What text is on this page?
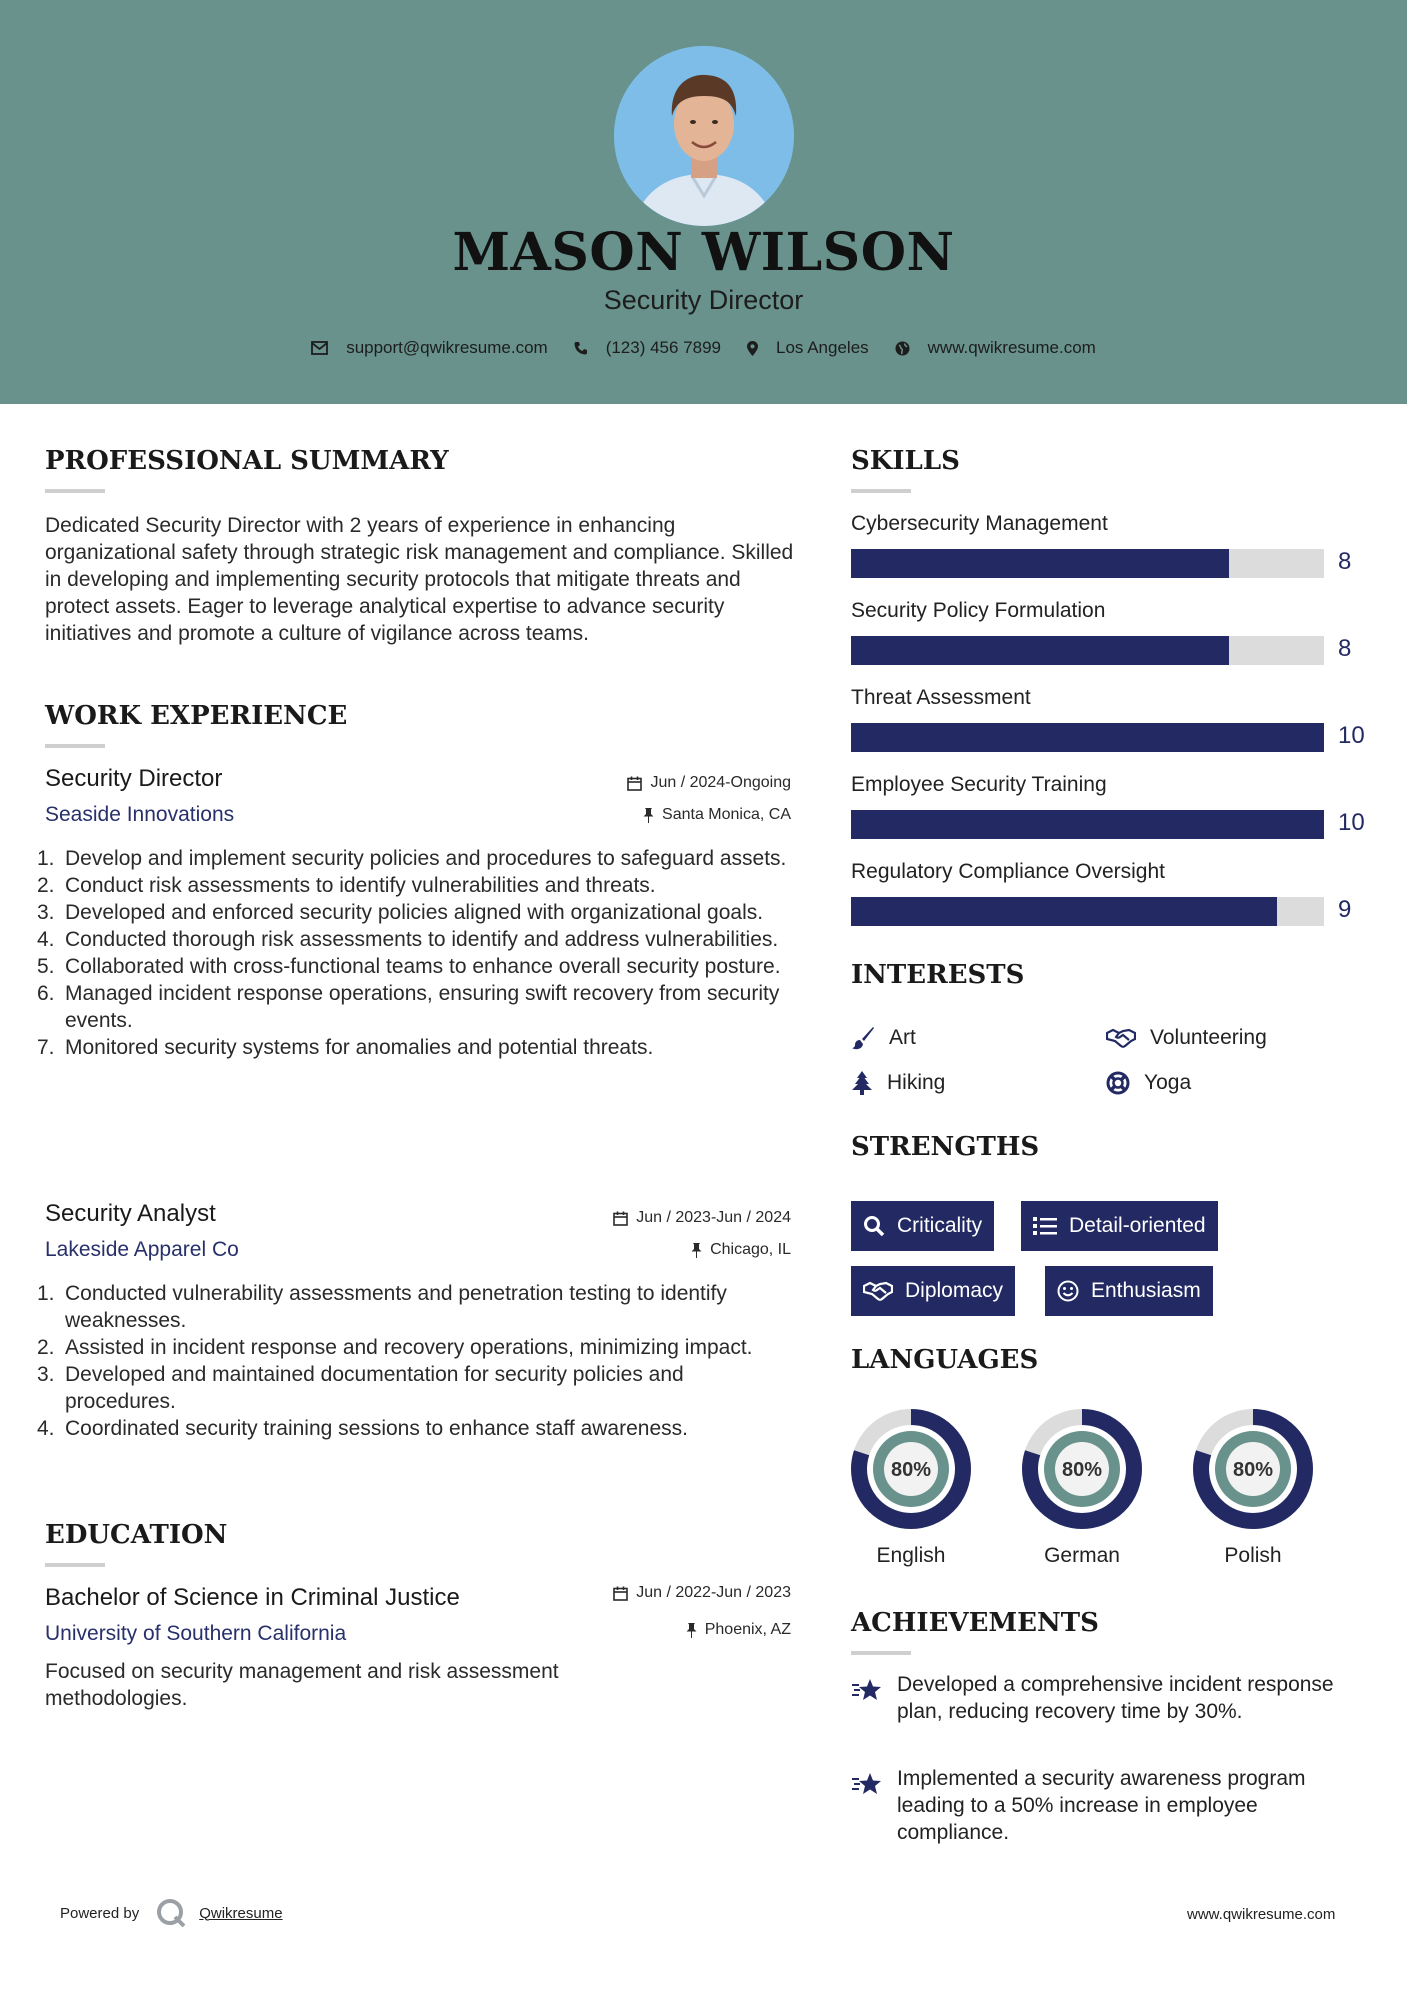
MASON WILSON
Security Director
support@qwikresume.com	(123) 456 7899	Los Angeles	www.qwikresume.com
PROFESSIONAL SUMMARY
Dedicated Security Director with 2 years of experience in enhancing organizational safety through strategic risk management and compliance. Skilled in developing and implementing security protocols that mitigate threats and protect assets. Eager to leverage analytical expertise to advance security initiatives and promote a culture of vigilance across teams.
WORK EXPERIENCE
Security Director	Jun / 2024-Ongoing
Seaside Innovations	Santa Monica, CA
1. Develop and implement security policies and procedures to safeguard assets.
2. Conduct risk assessments to identify vulnerabilities and threats.
3. Developed and enforced security policies aligned with organizational goals.
4. Conducted thorough risk assessments to identify and address vulnerabilities.
5. Collaborated with cross-functional teams to enhance overall security posture.
6. Managed incident response operations, ensuring swift recovery from security events.
7. Monitored security systems for anomalies and potential threats.
Security Analyst	Jun / 2023-Jun / 2024
Lakeside Apparel Co	Chicago, IL
1. Conducted vulnerability assessments and penetration testing to identify weaknesses.
2. Assisted in incident response and recovery operations, minimizing impact.
3. Developed and maintained documentation for security policies and procedures.
4. Coordinated security training sessions to enhance staff awareness.
EDUCATION
Bachelor of Science in Criminal Justice	Jun / 2022-Jun / 2023
University of Southern California	Phoenix, AZ
Focused on security management and risk assessment methodologies.
SKILLS
Cybersecurity Management
8
Security Policy Formulation
8
Threat Assessment
10
Employee Security Training
10
Regulatory Compliance Oversight
9
INTERESTS
Art	Volunteering
Hiking	Yoga
STRENGTHS
Criticality	Detail-oriented
Diplomacy	Enthusiasm
LANGUAGES
80%
English
80%
German
80%
Polish
ACHIEVEMENTS
Developed a comprehensive incident response plan, reducing recovery time by 30%.
Implemented a security awareness program leading to a 50% increase in employee compliance.
Powered by	Qwikresume	www.qwikresume.com
